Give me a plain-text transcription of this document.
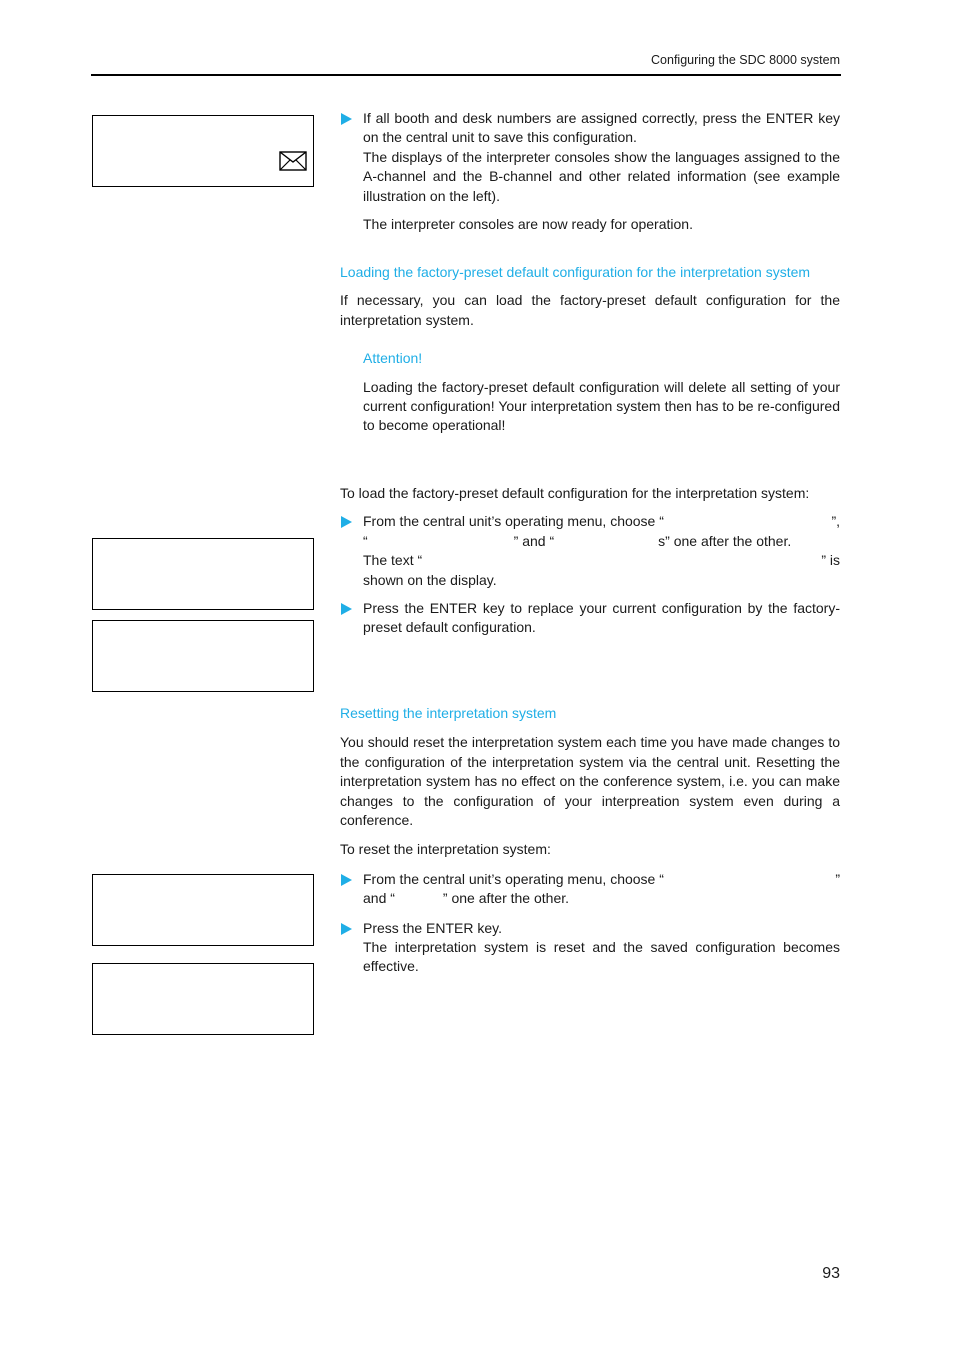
Configuring the SDC 8000 system

If all booth and desk numbers are assigned correctly, press the ENTER key on the central unit to save this configuration.

The displays of the interpreter consoles show the languages assigned to the A-channel and the B-channel and other related information (see example illustration on the left).

The interpreter consoles are now ready for operation.

Loading the factory-preset default configuration for the interpretation system

If necessary, you can load the factory-preset default configuration for the interpretation system.

Attention!

Loading the factory-preset default configuration will delete all setting of your current configuration! Your interpretation system then has to be re-configured to become operational!

To load the factory-preset default configuration for the interpretation system:

From the central unit’s operating menu, choose “	”,
“	” and “	s” one after the other.
The text “	” is

shown on the display.

Press the ENTER key to replace your current configuration by the factory-preset default configuration.

Resetting the interpretation system

You should reset the interpretation system each time you have made changes to the configuration of the interpretation system via the central unit. Resetting the interpretation system has no effect on the conference system, i.e. you can make changes to the configuration of your interpreation system even during a conference.

To reset the interpretation system:

From the central unit’s operating menu, choose “	”
and “	” one after the other.

Press the ENTER key.

The interpretation system is reset and the saved configuration becomes effective.

93
